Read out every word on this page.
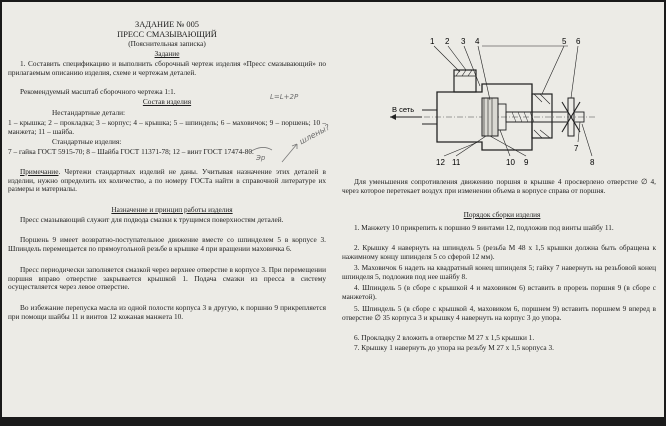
ЗАДАНИЕ № 005

ПРЕСС СМАЗЫВАЮЩИЙ

(Пояснительная записка)

Задание

1. Составить спецификацию и выполнить сборочный чертеж изделия «Пресс смазывающий» по прилагаемым описанию изделия, схеме и чертежам деталей.

Рекомендуемый масштаб сборочного чертежа 1:1.

Состав изделия

Нестандартные детали:

1 – крышка; 2 – прокладка; 3 – корпус; 4 – крышка; 5 – шпиндель; 6 – маховичок; 9 – поршень; 10 – манжета; 11 – шайба.

Стандартные изделия:

7 – гайка ГОСТ 5915-70; 8 – Шайба ГОСТ 11371-78; 12 – винт ГОСТ 17474-80.

Примечание. Чертежи стандартных изделий не даны. Учитывая назначение этих деталей в изделии, нужно определить их количество, а по номеру ГОСТа найти в справочной литературе их размеры и материалы.

Назначение и принцип работы изделия

Пресс смазывающий служит для подвода смазки к трущимся поверхностям деталей.

Поршень 9 имеет возвратно-поступательное движение вместе со шпинделем 5 в корпусе 3. Шпиндель перемещается по прямоугольной резьбе в крышке 4 при вращении маховичка 6.

Пресс периодически заполняется смазкой через верхнее отверстие в корпусе 3. При перемещении поршня вправо отверстие закрывается крышкой 1. Подача смазки из пресса в систему осуществляется через левое отверстие.

Во избежание перепуска масла из одной полости корпуса 3 в другую, к поршню 9 прикрепляется при помощи шайбы 11 и винтов 12 кожаная манжета 10.

L=L+2P
шлены?
Эр
1 2 3 4	5 6
12 11	10 9
7
8
В сеть

Для уменьшения сопротивления движению поршня в крышке 4 просверлено отверстие ∅ 4, через которое перетекает воздух при изменении объема в корпусе справа от поршня.

Порядок сборки изделия

1. Манжету 10 прикрепить к поршню 9 винтами 12, подложив под винты шайбу 11.

2. Крышку 4 навернуть на шпиндель 5 (резьба М 48 х 1,5 крышки должна быть обращена к нажимному концу шпинделя 5 со сферой 12 мм).

3. Маховичок 6 надеть на квадратный конец шпинделя 5; гайку 7 навернуть на резьбовой конец шпинделя 5, подложив под нее шайбу 8.

4. Шпиндель 5 (в сборе с крышкой 4 и маховиком 6) вставить в прорезь поршня 9 (в сборе с манжетой).

5. Шпиндель 5 (в сборе с крышкой 4, маховиком 6, поршнем 9) вставить поршнем 9 вперед в отверстие ∅ 35 корпуса 3 и крышку 4 навернуть на корпус 3 до упора.

6. Прокладку 2 вложить в отверстие М 27 х 1,5 крышки 1.

7. Крышку 1 навернуть до упора на резьбу М 27 х 1,5 корпуса 3.
